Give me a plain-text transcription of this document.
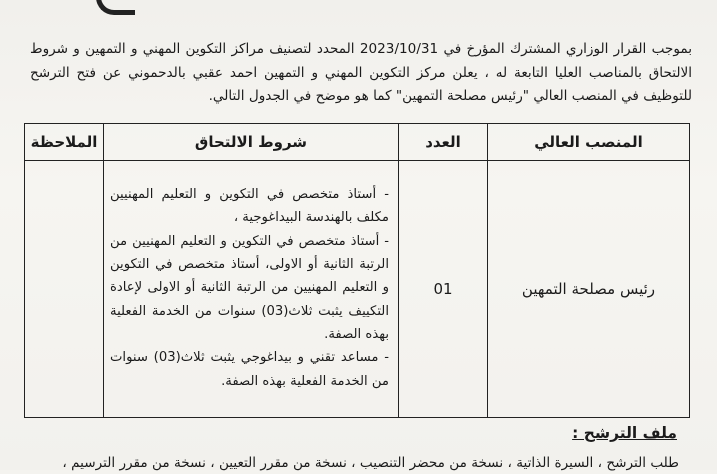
بموجب القرار الوزاري المشترك المؤرخ في 2023/10/31 المحدد لتصنيف مراكز التكوين المهني و التمهين و شروط الالتحاق بالمناصب العليا التابعة له ، يعلن مركز التكوين المهني و التمهين احمد عقبي بالدحموني عن فتح الترشح للتوظيف في المنصب العالي "رئيس مصلحة التمهين" كما هو موضح في الجدول التالي.

المنصب العالي	العدد	شروط الالتحاق	الملاحظة
رئيس مصلحة التمهين	01	- أستاذ متخصص في التكوين و التعليم المهنيين مكلف بالهندسة البيداغوجية ،

- أستاذ متخصص في التكوين و التعليم المهنيين من الرتبة الثانية أو الاولى، أستاذ متخصص في التكوين و التعليم المهنيين من الرتبة الثانية أو الاولى لإعادة التكييف يثبت ثلاث(03) سنوات من الخدمة الفعلية بهذه الصفة.

- مساعد تقني و بيداغوجي يثبت ثلاث(03) سنوات من الخدمة الفعلية بهذه الصفة.	

ملف الترشح :
طلب الترشح ، السيرة الذاتية ، نسخة من محضر التنصيب ، نسخة من مقرر التعيين ، نسخة من مقرر الترسيم ،
